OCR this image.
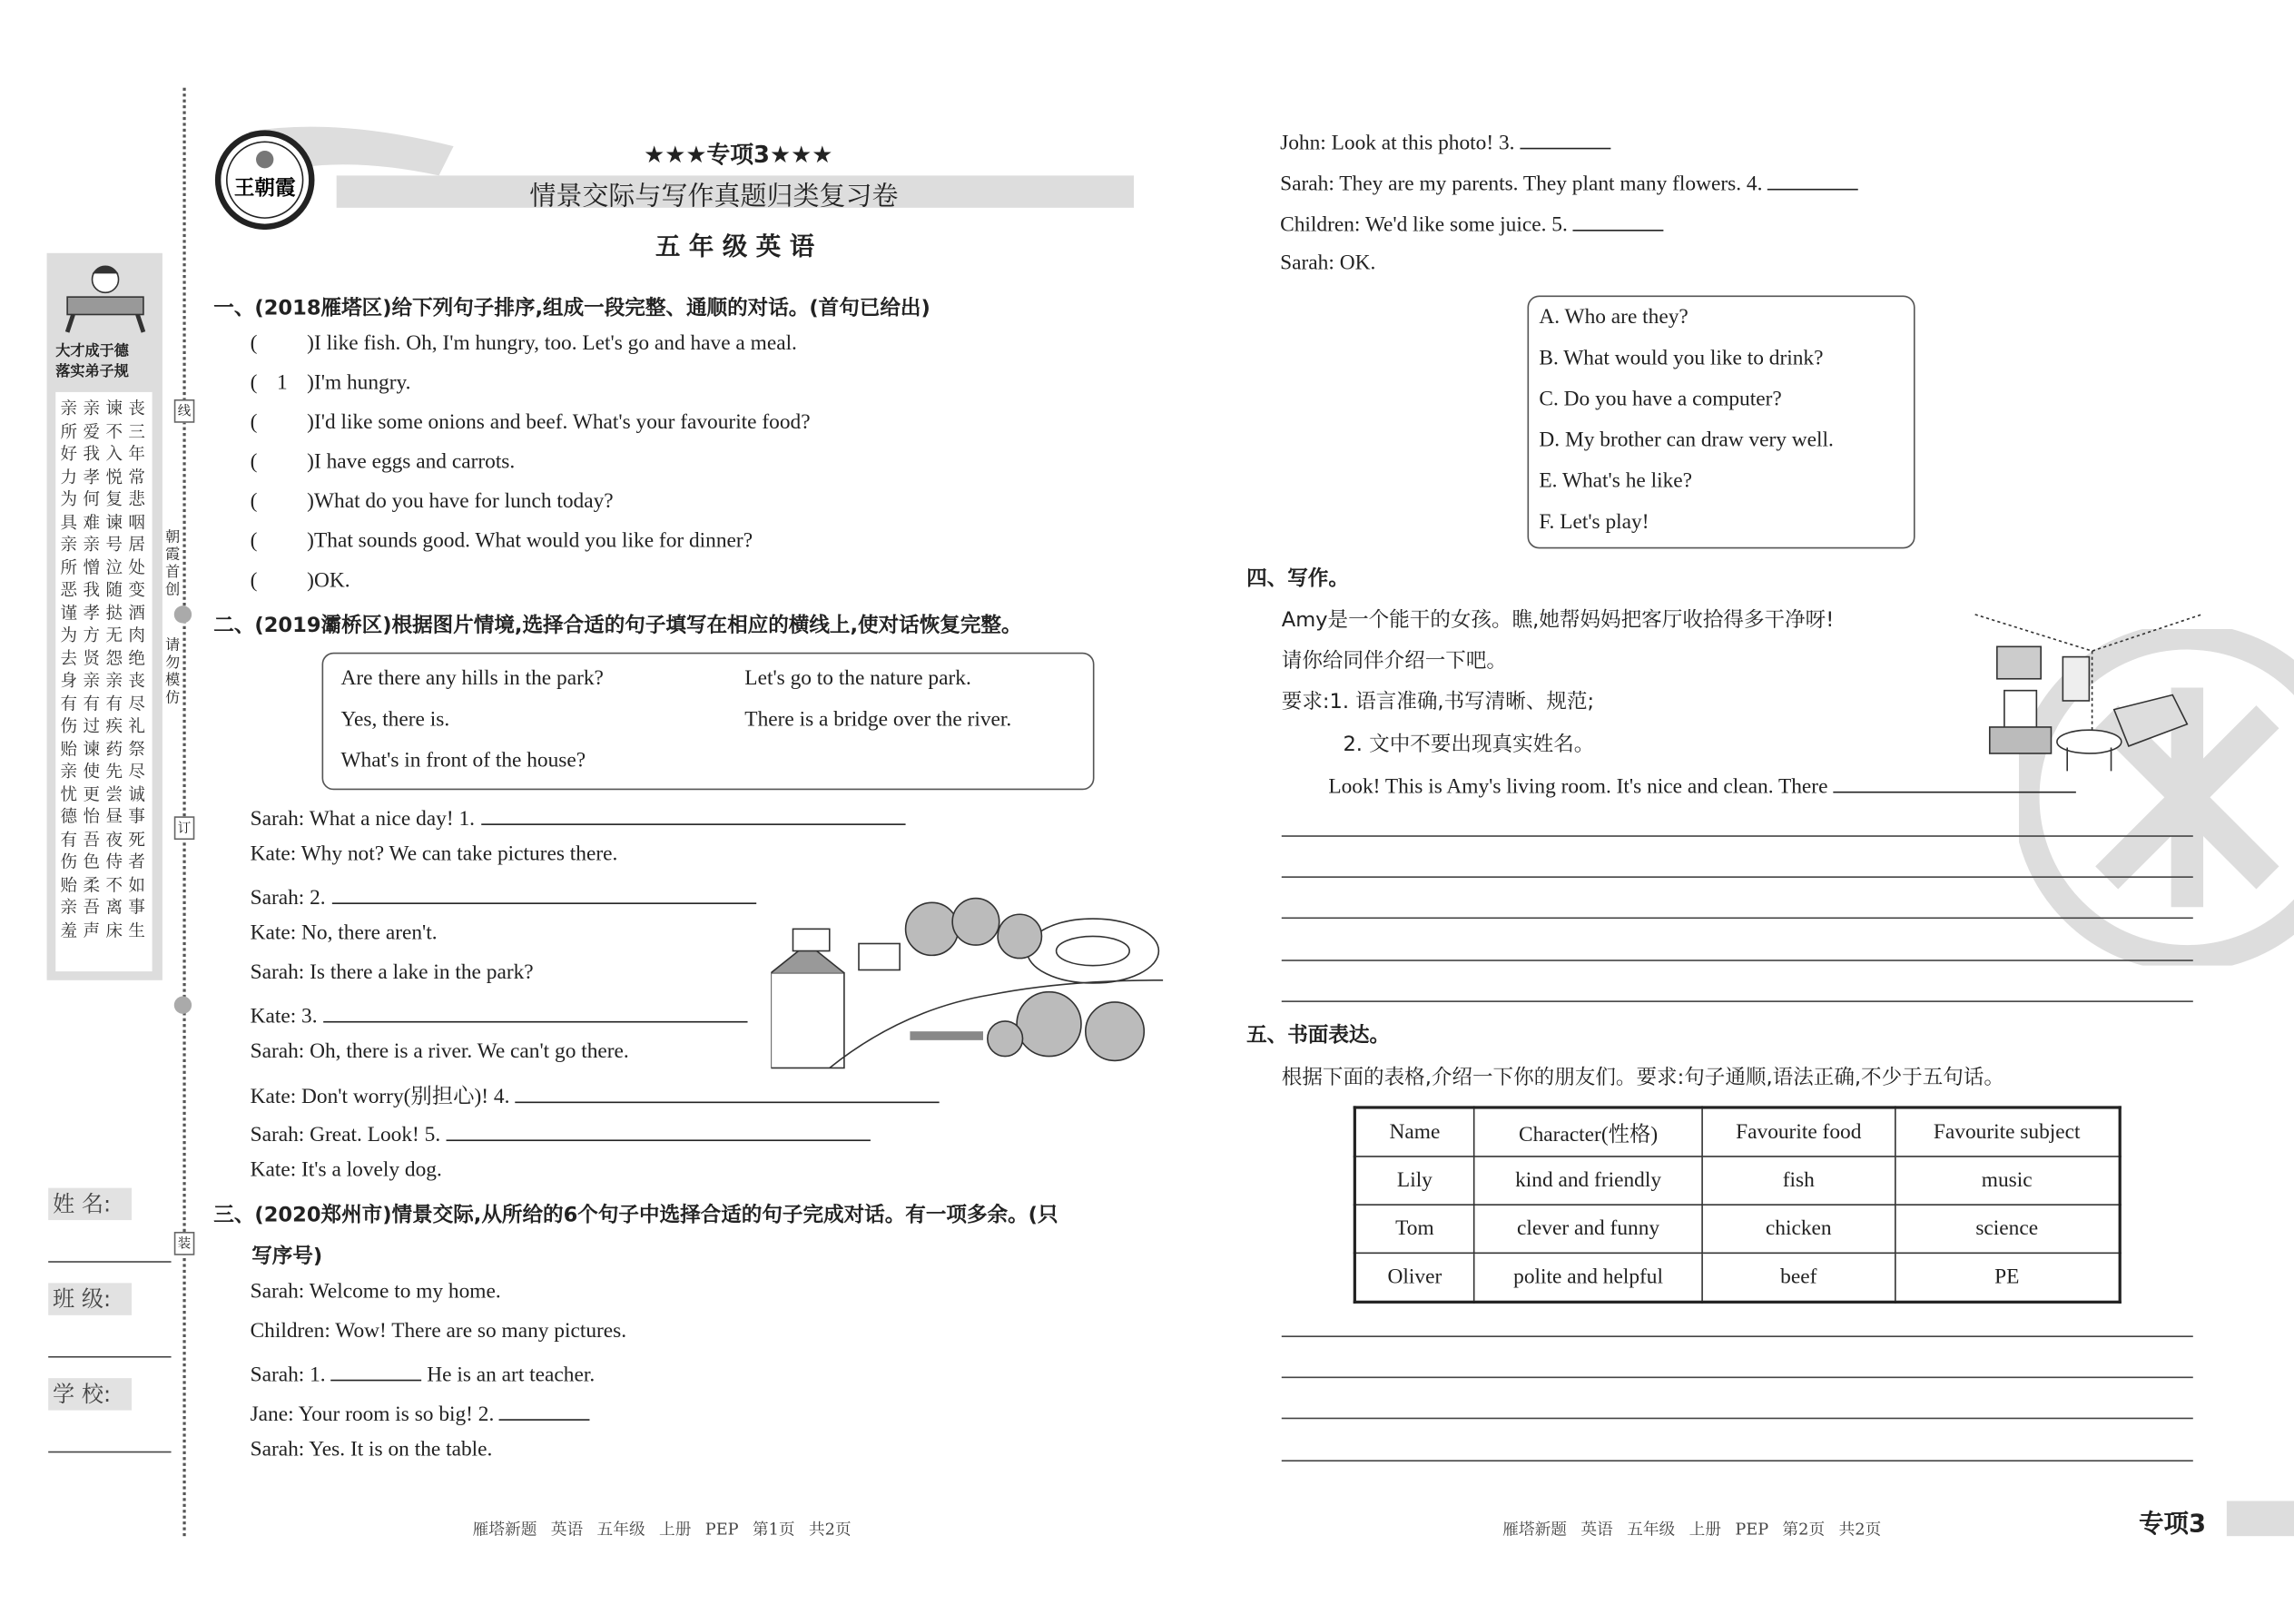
大才成于德
落实弟子规
丧三年 常悲咽 居处变 酒肉绝 丧尽礼 祭尽诚 事死者 如事生
谏不入 悦复谏 号泣随 挞无怨 亲有疾 药先尝 昼夜侍 不离床
亲爱我 孝何难 亲憎我 孝方贤 亲有过 谏使更 怡吾色 柔吾声
亲所好 力为具 亲所恶 谨为去 身有伤 贻亲忧 德有伤 贻亲羞
朝霞首创
请勿模仿
线
订
装
姓 名:
班 级:
学 校:
王朝霞
★★★专项3★★★
情景交际与写作真题归类复习卷
五 年 级 英 语
一、(2018雁塔区)给下列句子排序,组成一段完整、通顺的对话。(首句已给出)
(	)I like fish. Oh, I'm hungry, too. Let's go and have a meal.
( 1 )I'm hungry.
(	)I'd like some onions and beef. What's your favourite food?
(	)I have eggs and carrots.
(	)What do you have for lunch today?
(	)That sounds good. What would you like for dinner?
(	)OK.
二、(2019灞桥区)根据图片情境,选择合适的句子填写在相应的横线上,使对话恢复完整。
Are there any hills in the park?	Let's go to the nature park.
Yes, there is.	There is a bridge over the river.
What's in front of the house?
Sarah: What a nice day! 1.
Kate: Why not? We can take pictures there.
Sarah: 2.
Kate: No, there aren't.
Sarah: Is there a lake in the park?
Kate: 3.
Sarah: Oh, there is a river. We can't go there.
Kate: Don't worry(别担心)! 4.
Sarah: Great. Look! 5.
Kate: It's a lovely dog.
三、(2020郑州市)情景交际,从所给的6个句子中选择合适的句子完成对话。有一项多余。(只
写序号)
Sarah: Welcome to my home.
Children: Wow! There are so many pictures.
Sarah: 1.	He is an art teacher.
Jane: Your room is so big! 2.
Sarah: Yes. It is on the table.
John: Look at this photo! 3.
Sarah: They are my parents. They plant many flowers. 4.
Children: We'd like some juice. 5.
Sarah: OK.
A. Who are they?
B. What would you like to drink?
C. Do you have a computer?
D. My brother can draw very well.
E. What's he like?
F. Let's play!
四、写作。
Amy是一个能干的女孩。瞧,她帮妈妈把客厅收拾得多干净呀!
请你给同伴介绍一下吧。
要求:1. 语言准确,书写清晰、规范;
2. 文中不要出现真实姓名。
Look! This is Amy's living room. It's nice and clean. There
五、书面表达。
根据下面的表格,介绍一下你的朋友们。要求:句子通顺,语法正确,不少于五句话。
Name	Character(性格)	Favourite food	Favourite subject
Lily	kind and friendly	fish	music
Tom	clever and funny	chicken	science
Oliver	polite and helpful	beef	PE
雁塔新题 英语 五年级 上册 PEP 第1页 共2页	雁塔新题 英语 五年级 上册 PEP 第2页 共2页	专项3
